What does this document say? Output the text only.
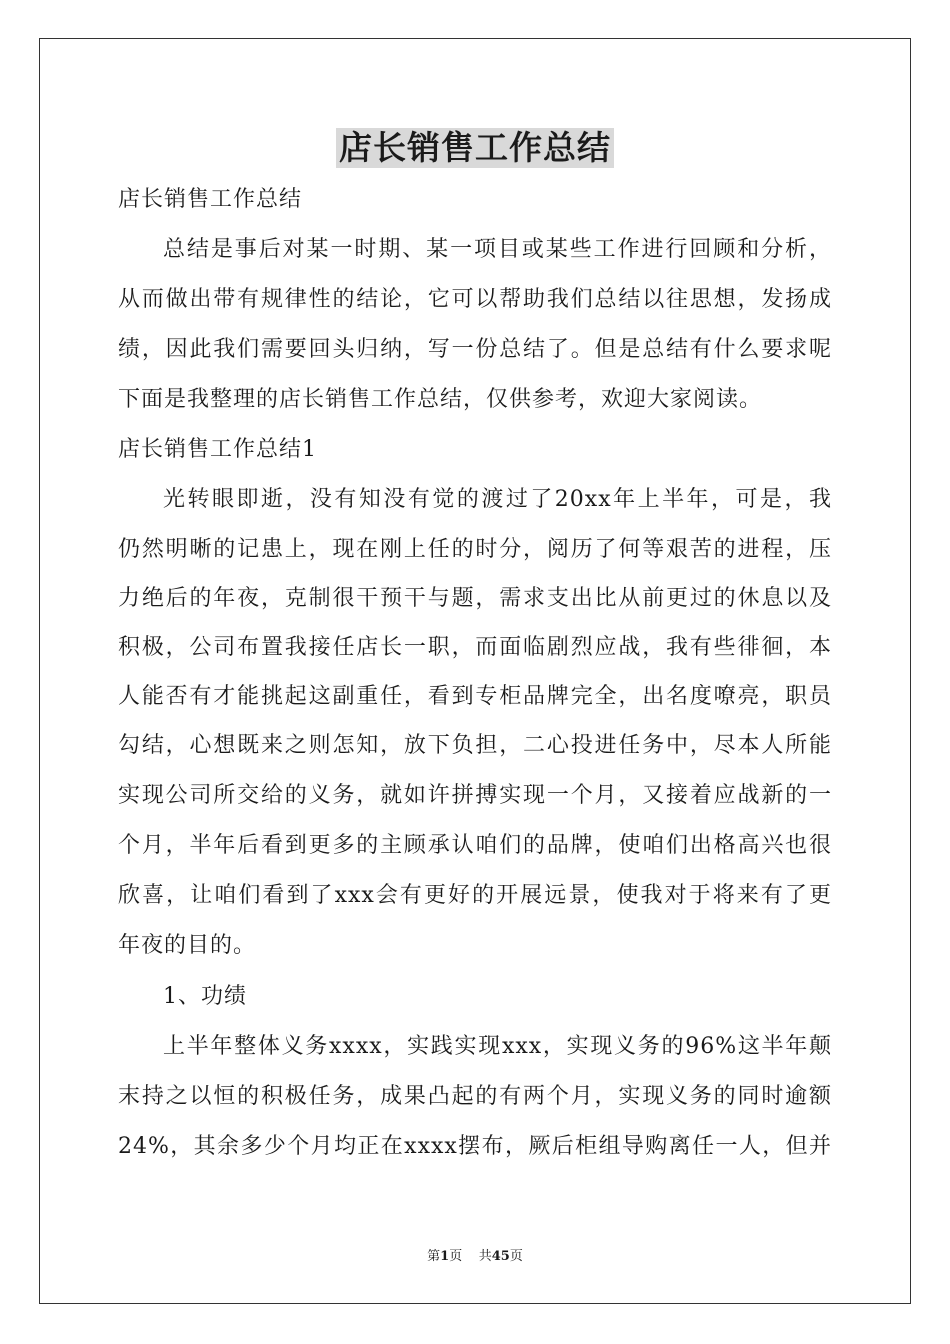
店长销售工作总结
店长销售工作总结
总结是事后对某一时期、某一项目或某些工作进行回顾和分析，
从而做出带有规律性的结论，它可以帮助我们总结以往思想，发扬成
绩，因此我们需要回头归纳，写一份总结了。但是总结有什么要求呢
下面是我整理的店长销售工作总结，仅供参考，欢迎大家阅读。
店长销售工作总结1
光转眼即逝，没有知没有觉的渡过了20xx年上半年，可是，我
仍然明晰的记患上，现在刚上任的时分，阅历了何等艰苦的进程，压
力绝后的年夜，克制很干预干与题，需求支出比从前更过的休息以及
积极，公司布置我接任店长一职，而面临剧烈应战，我有些徘徊，本
人能否有才能挑起这副重任，看到专柜品牌完全，出名度嘹亮，职员
勾结，心想既来之则怎知，放下负担，二心投进任务中，尽本人所能
实现公司所交给的义务，就如许拼搏实现一个月，又接着应战新的一
个月，半年后看到更多的主顾承认咱们的品牌，使咱们出格高兴也很
欣喜，让咱们看到了xxx会有更好的开展远景，使我对于将来有了更
年夜的目的。
1、功绩
上半年整体义务xxxx，实践实现xxx，实现义务的96%这半年颠
末持之以恒的积极任务，成果凸起的有两个月，实现义务的同时逾额
24%，其余多少个月均正在xxxx摆布，厥后柜组导购离任一人，但并
第1页 共45页
